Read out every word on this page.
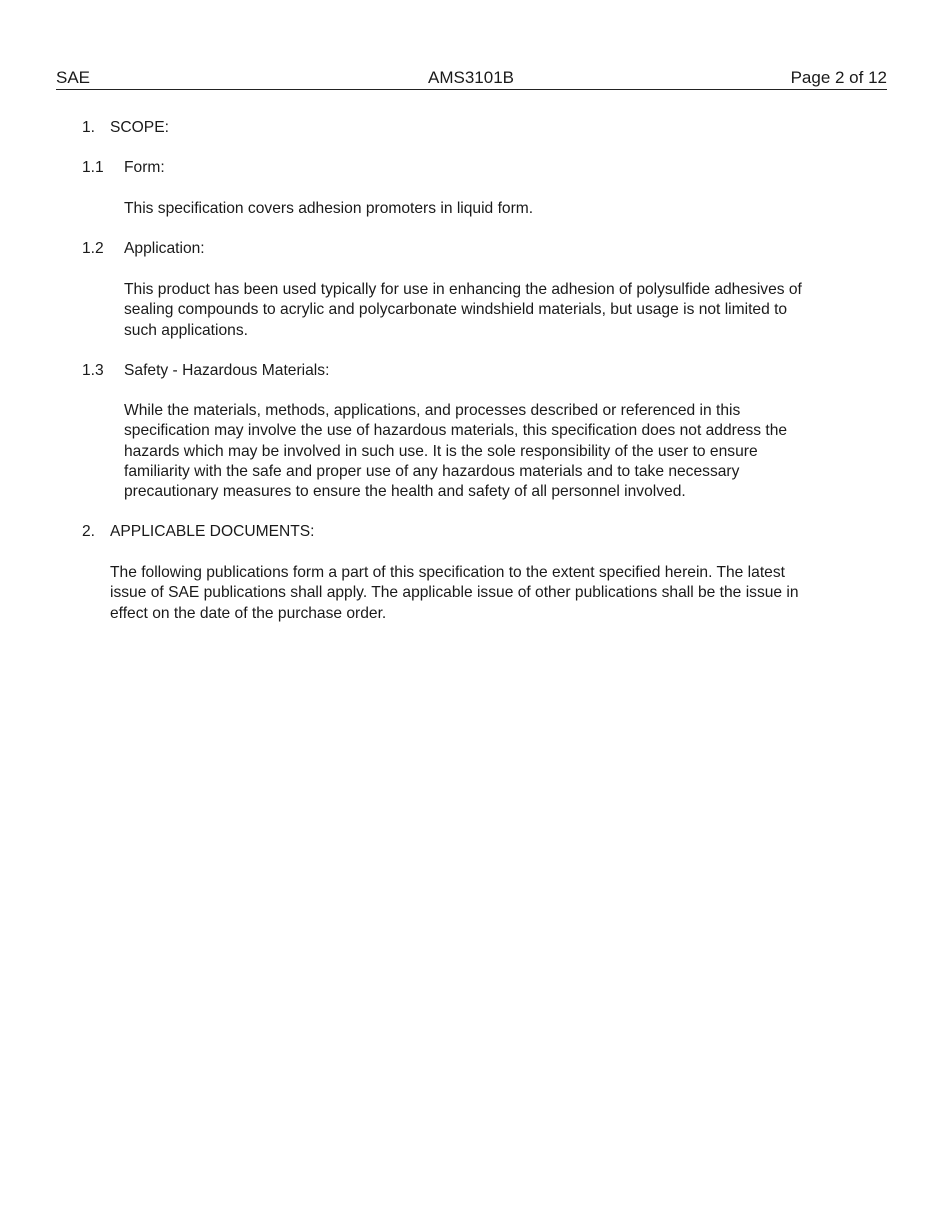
SAE	AMS3101B	Page 2 of 12
1. SCOPE:
1.1 Form:
This specification covers adhesion promoters in liquid form.
1.2 Application:
This product has been used typically for use in enhancing the adhesion of polysulfide adhesives of
sealing compounds to acrylic and polycarbonate windshield materials, but usage is not limited to
such applications.
1.3 Safety - Hazardous Materials:
While the materials, methods, applications, and processes described or referenced in this
specification may involve the use of hazardous materials, this specification does not address the
hazards which may be involved in such use. It is the sole responsibility of the user to ensure
familiarity with the safe and proper use of any hazardous materials and to take necessary
precautionary measures to ensure the health and safety of all personnel involved.
2. APPLICABLE DOCUMENTS:
The following publications form a part of this specification to the extent specified herein. The latest
issue of SAE publications shall apply. The applicable issue of other publications shall be the issue in
effect on the date of the purchase order.
